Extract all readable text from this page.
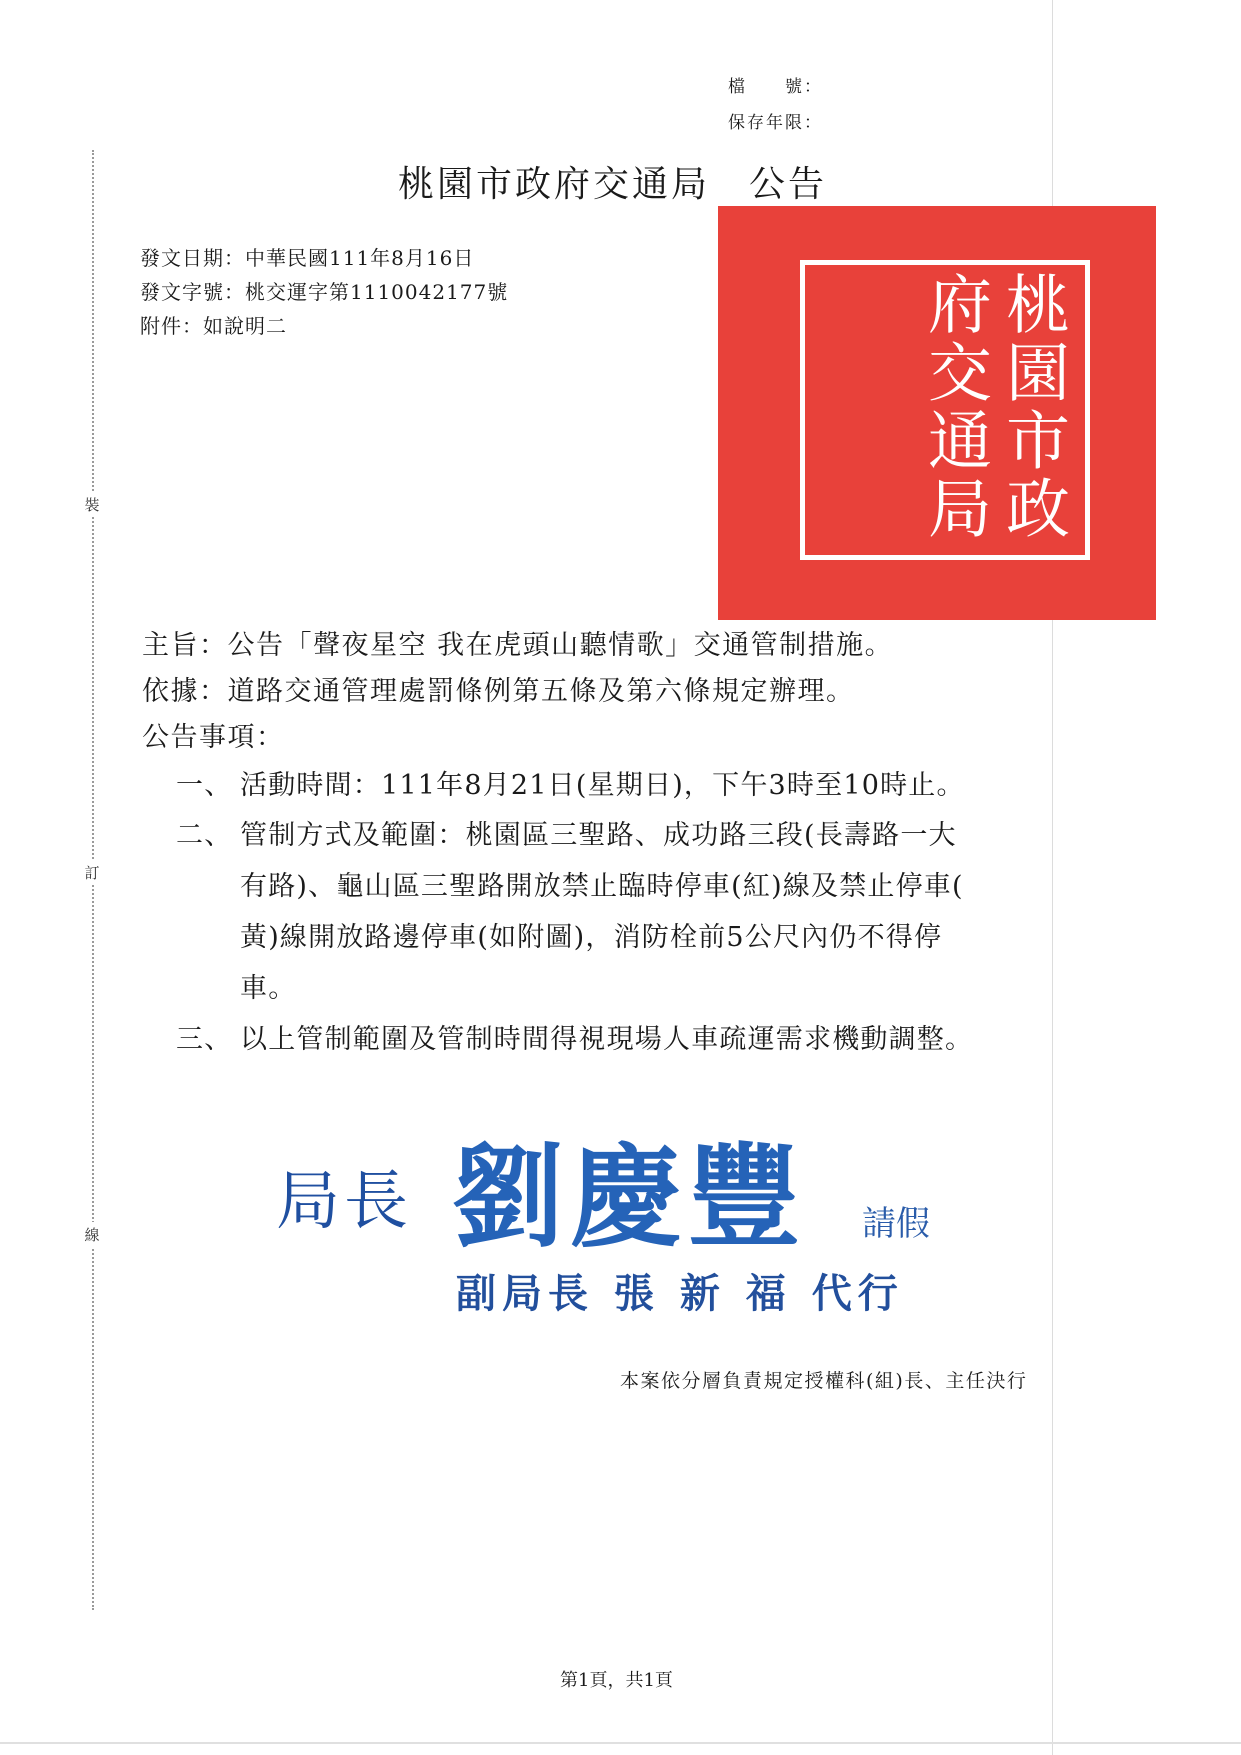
裝
訂
線
檔　　號：
保存年限：
桃園市政府交通局　公告
發文日期：中華民國111年8月16日
發文字號：桃交運字第1110042177號
附件：如說明二	桃園市政府交通局
主旨：公告「聲夜星空 我在虎頭山聽情歌」交通管制措施。
依據：道路交通管理處罰條例第五條及第六條規定辦理。
公告事項：
一、 活動時間：111年8月21日(星期日)，下午3時至10時止。
二、 管制方式及範圍：桃園區三聖路、成功路三段(長壽路一大
有路)、龜山區三聖路開放禁止臨時停車(紅)線及禁止停車(
黃)線開放路邊停車(如附圖)，消防栓前5公尺內仍不得停
車。
三、 以上管制範圍及管制時間得視現場人車疏運需求機動調整。
局長 劉慶豐 請假
副局長 張 新 福 代行
本案依分層負責規定授權科(組)長、主任決行
第1頁，共1頁
